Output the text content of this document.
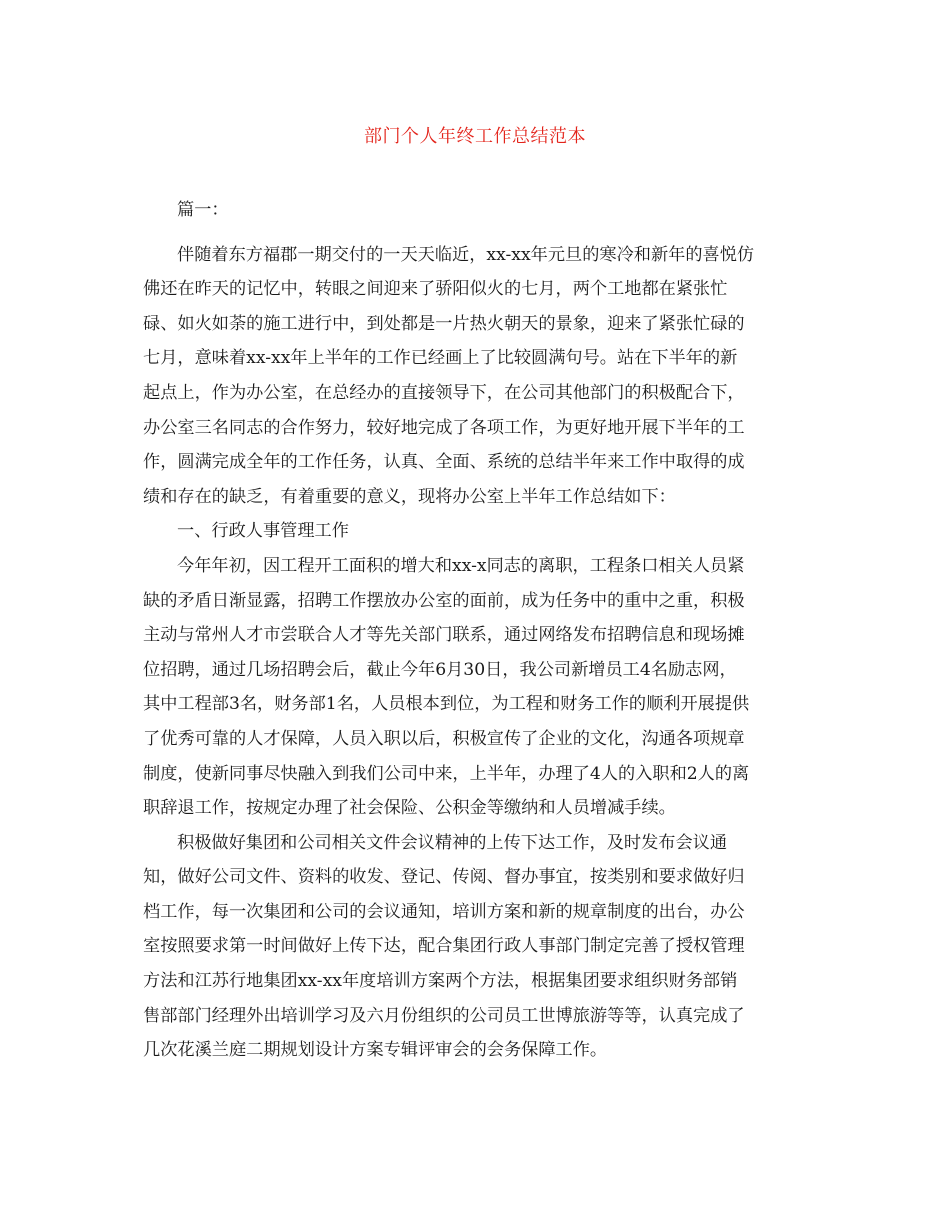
部门个人年终工作总结范本
篇一：
伴随着东方福郡一期交付的一天天临近，xx-xx年元旦的寒冷和新年的喜悦仿
佛还在昨天的记忆中，转眼之间迎来了骄阳似火的七月，两个工地都在紧张忙
碌、如火如荼的施工进行中，到处都是一片热火朝天的景象，迎来了紧张忙碌的
七月，意味着xx-xx年上半年的工作已经画上了比较圆满句号。站在下半年的新
起点上，作为办公室，在总经办的直接领导下，在公司其他部门的积极配合下，
办公室三名同志的合作努力，较好地完成了各项工作，为更好地开展下半年的工
作，圆满完成全年的工作任务，认真、全面、系统的总结半年来工作中取得的成
绩和存在的缺乏，有着重要的意义，现将办公室上半年工作总结如下：
一、行政人事管理工作
今年年初，因工程开工面积的增大和xx-x同志的离职，工程条口相关人员紧
缺的矛盾日渐显露，招聘工作摆放办公室的面前，成为任务中的重中之重，积极
主动与常州人才市尝联合人才等先关部门联系，通过网络发布招聘信息和现场摊
位招聘，通过几场招聘会后，截止今年6月30日，我公司新增员工4名励志网，
其中工程部3名，财务部1名，人员根本到位，为工程和财务工作的顺利开展提供
了优秀可靠的人才保障，人员入职以后，积极宣传了企业的文化，沟通各项规章
制度，使新同事尽快融入到我们公司中来，上半年，办理了4人的入职和2人的离
职辞退工作，按规定办理了社会保险、公积金等缴纳和人员增减手续。
积极做好集团和公司相关文件会议精神的上传下达工作，及时发布会议通
知，做好公司文件、资料的收发、登记、传阅、督办事宜，按类别和要求做好归
档工作，每一次集团和公司的会议通知，培训方案和新的规章制度的出台，办公
室按照要求第一时间做好上传下达，配合集团行政人事部门制定完善了授权管理
方法和江苏行地集团xx-xx年度培训方案两个方法，根据集团要求组织财务部销
售部部门经理外出培训学习及六月份组织的公司员工世博旅游等等，认真完成了
几次花溪兰庭二期规划设计方案专辑评审会的会务保障工作。
